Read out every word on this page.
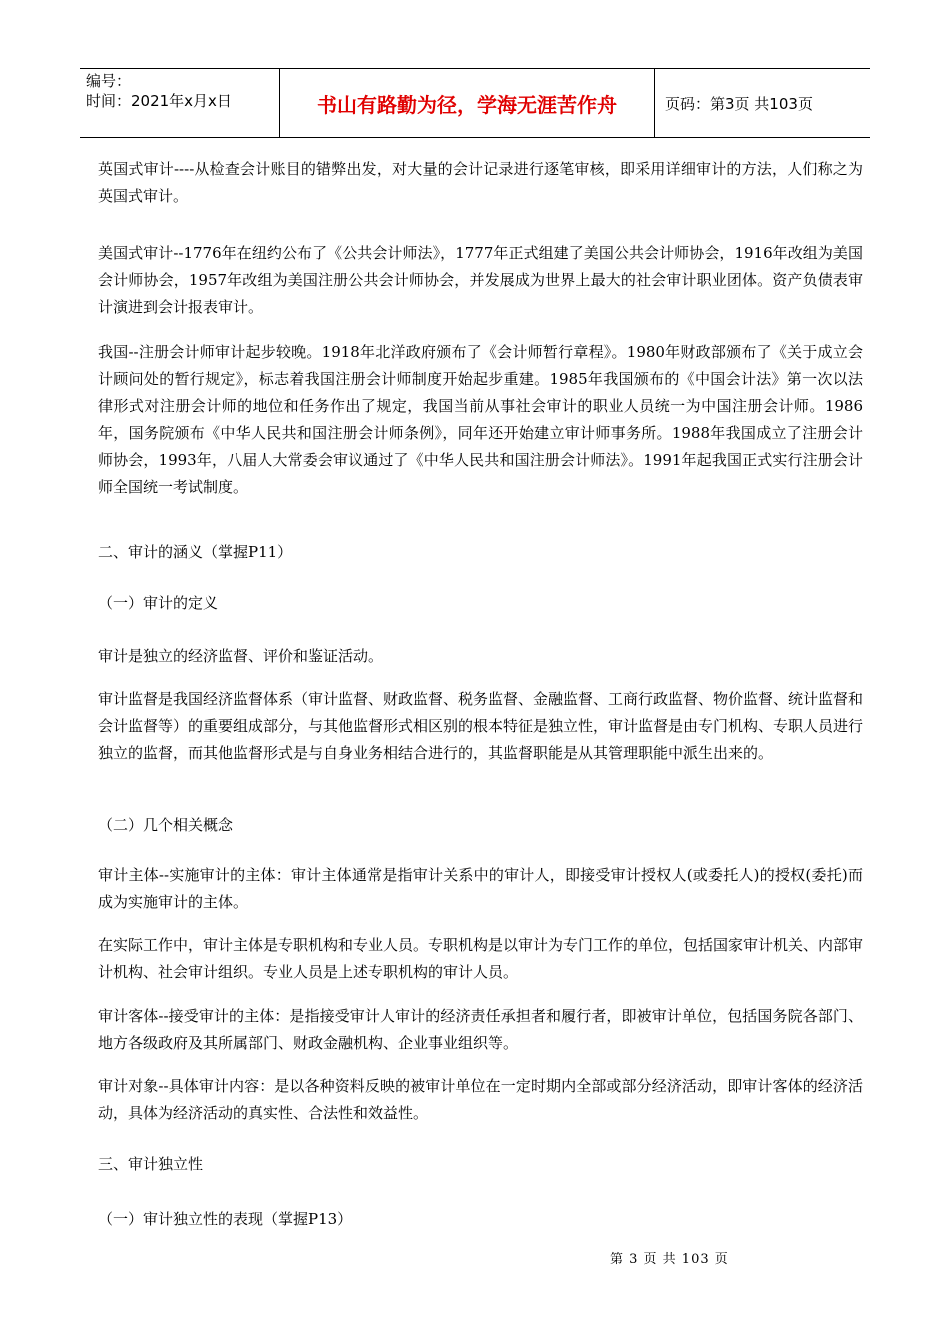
编号：
时间：2021年x月x日	书山有路勤为径，学海无涯苦作舟	页码：第3页 共103页

英国式审计----从检查会计账目的错弊出发，对大量的会计记录进行逐笔审核，即采用详细审计的方法，人们称之为英国式审计。

美国式审计--1776年在纽约公布了《公共会计师法》，1777年正式组建了美国公共会计师协会，1916年改组为美国会计师协会，1957年改组为美国注册公共会计师协会，并发展成为世界上最大的社会审计职业团体。资产负债表审计演进到会计报表审计。

我国--注册会计师审计起步较晚。1918年北洋政府颁布了《会计师暂行章程》。1980年财政部颁布了《关于成立会计顾问处的暂行规定》，标志着我国注册会计师制度开始起步重建。1985年我国颁布的《中国会计法》第一次以法律形式对注册会计师的地位和任务作出了规定，我国当前从事社会审计的职业人员统一为中国注册会计师。1986年，国务院颁布《中华人民共和国注册会计师条例》，同年还开始建立审计师事务所。1988年我国成立了注册会计师协会，1993年，八届人大常委会审议通过了《中华人民共和国注册会计师法》。1991年起我国正式实行注册会计师全国统一考试制度。

二、审计的涵义（掌握P11）

（一）审计的定义

审计是独立的经济监督、评价和鉴证活动。

审计监督是我国经济监督体系（审计监督、财政监督、税务监督、金融监督、工商行政监督、物价监督、统计监督和会计监督等）的重要组成部分，与其他监督形式相区别的根本特征是独立性，审计监督是由专门机构、专职人员进行独立的监督，而其他监督形式是与自身业务相结合进行的，其监督职能是从其管理职能中派生出来的。

（二）几个相关概念

审计主体--实施审计的主体：审计主体通常是指审计关系中的审计人，即接受审计授权人(或委托人)的授权(委托)而成为实施审计的主体。

在实际工作中，审计主体是专职机构和专业人员。专职机构是以审计为专门工作的单位，包括国家审计机关、内部审计机构、社会审计组织。专业人员是上述专职机构的审计人员。

审计客体--接受审计的主体：是指接受审计人审计的经济责任承担者和履行者，即被审计单位，包括国务院各部门、地方各级政府及其所属部门、财政金融机构、企业事业组织等。

审计对象--具体审计内容：是以各种资料反映的被审计单位在一定时期内全部或部分经济活动，即审计客体的经济活动，具体为经济活动的真实性、合法性和效益性。

三、审计独立性

（一）审计独立性的表现（掌握P13）

第 3 页 共 103 页
